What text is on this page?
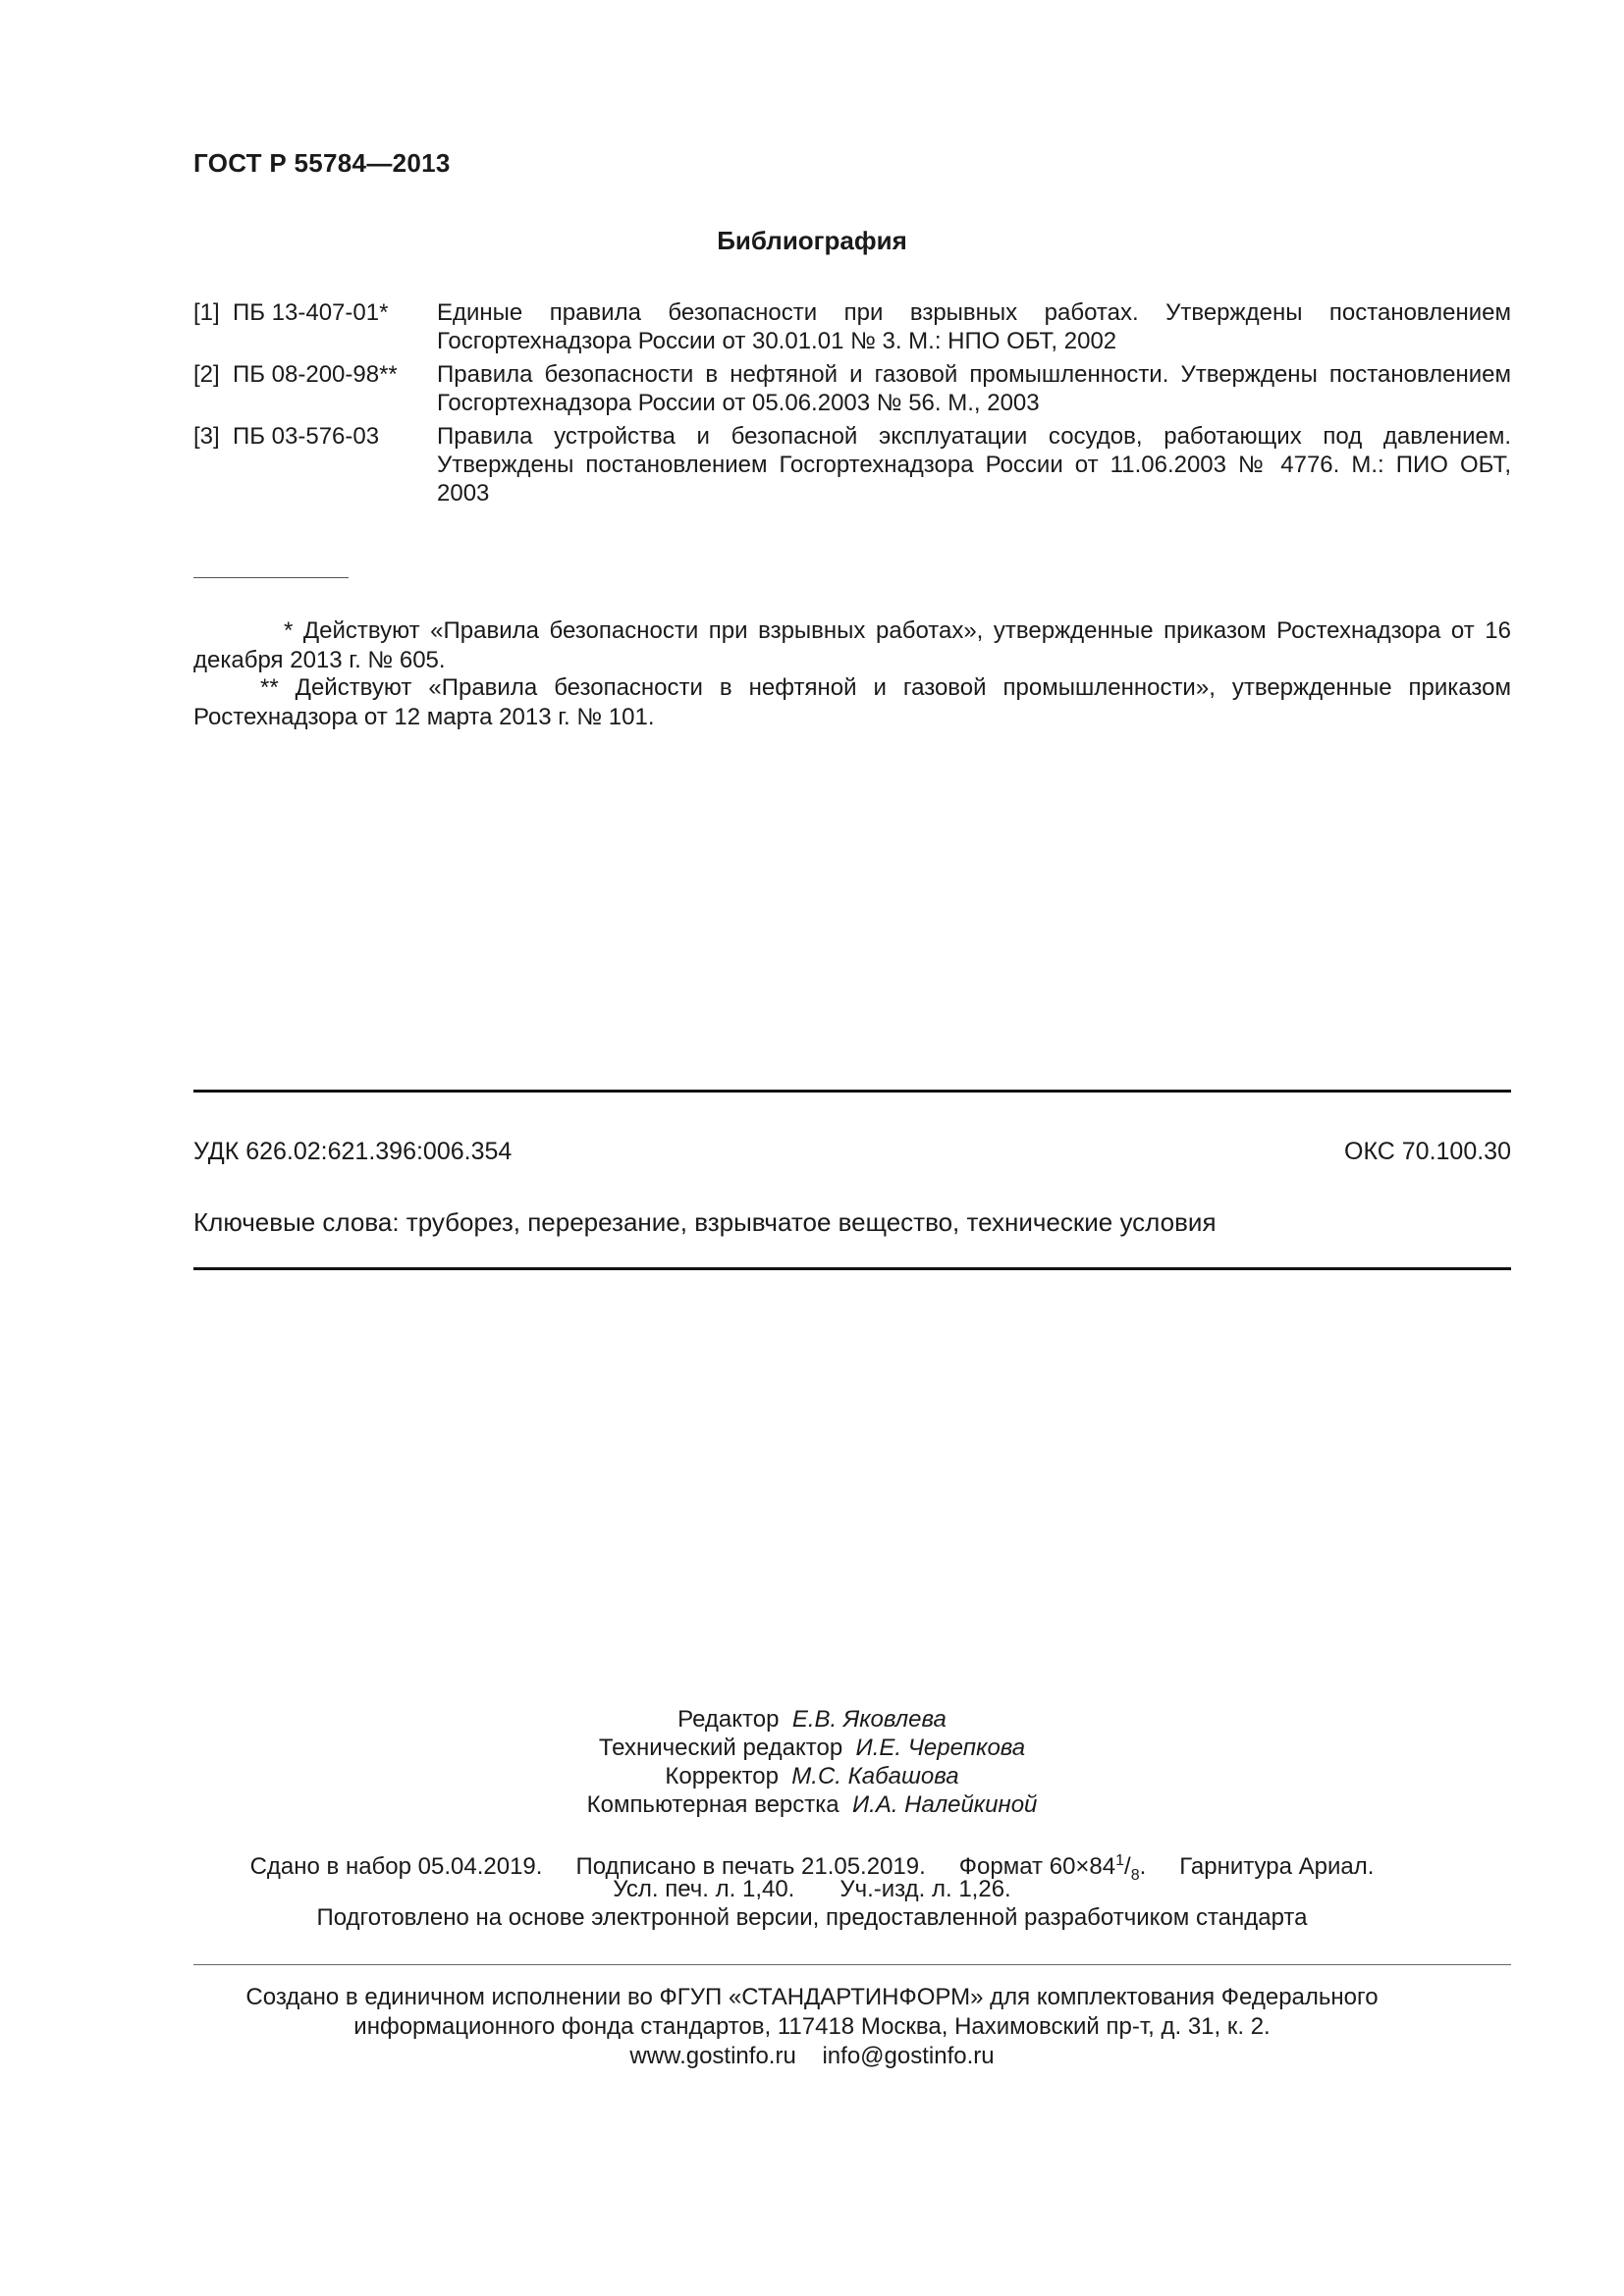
ГОСТ Р 55784—2013
Библиография
[1] ПБ 13-407-01* Единые правила безопасности при взрывных работах. Утверждены постановлением Госгортехнадзора России от 30.01.01 № 3. М.: НПО ОБТ, 2002
[2] ПБ 08-200-98** Правила безопасности в нефтяной и газовой промышленности. Утверждены постановлением Госгортехнадзора России от 05.06.2003 № 56. М., 2003
[3] ПБ 03-576-03 Правила устройства и безопасной эксплуатации сосудов, работающих под давлением. Утверждены постановлением Госгортехнадзора России от 11.06.2003 № 4776. М.: ПИО ОБТ, 2003
* Действуют «Правила безопасности при взрывных работах», утвержденные приказом Ростехнадзора от 16 декабря 2013 г. № 605.
** Действуют «Правила безопасности в нефтяной и газовой промышленности», утвержденные приказом Ростехнадзора от 12 марта 2013 г. № 101.
УДК 626.02:621.396:006.354	ОКС 70.100.30
Ключевые слова: труборез, перерезание, взрывчатое вещество, технические условия
Редактор Е.В. Яковлева
Технический редактор И.Е. Черепкова
Корректор М.С. Кабашова
Компьютерная верстка И.А. Налейкиной
Сдано в набор 05.04.2019. Подписано в печать 21.05.2019. Формат $60\times 84^1/_8$. Гарнитура Ариал.
Усл. печ. л. 1,40. Уч.-изд. л. 1,26.
Подготовлено на основе электронной версии, предоставленной разработчиком стандарта
Создано в единичном исполнении во ФГУП «СТАНДАРТИНФОРМ» для комплектования Федерального
информационного фонда стандартов, 117418 Москва, Нахимовский пр-т, д. 31, к. 2.
www.gostinfo.ru info@gostinfo.ru
